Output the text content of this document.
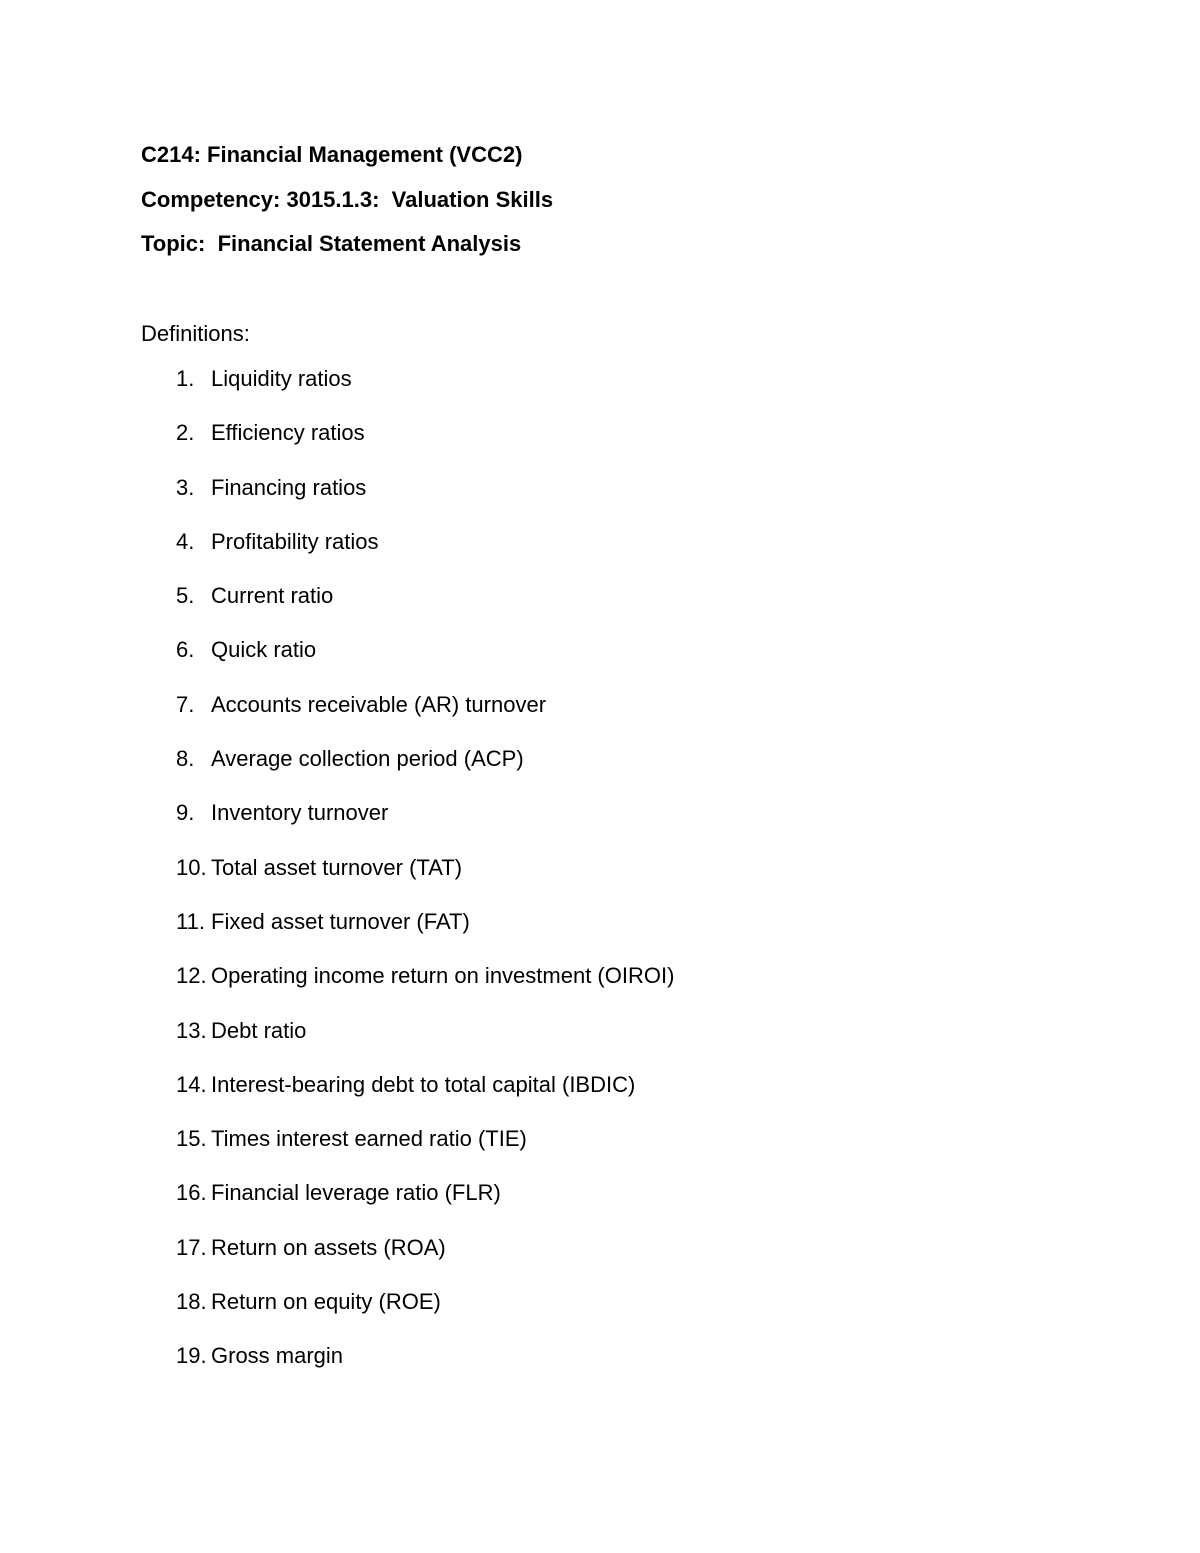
C214: Financial Management (VCC2)
Competency: 3015.1.3:  Valuation Skills
Topic:  Financial Statement Analysis
Definitions:
1. Liquidity ratios
2. Efficiency ratios
3. Financing ratios
4. Profitability ratios
5. Current ratio
6. Quick ratio
7. Accounts receivable (AR) turnover
8. Average collection period (ACP)
9. Inventory turnover
10. Total asset turnover (TAT)
11. Fixed asset turnover (FAT)
12. Operating income return on investment (OIROI)
13. Debt ratio
14. Interest-bearing debt to total capital (IBDIC)
15. Times interest earned ratio (TIE)
16. Financial leverage ratio (FLR)
17. Return on assets (ROA)
18. Return on equity (ROE)
19. Gross margin
